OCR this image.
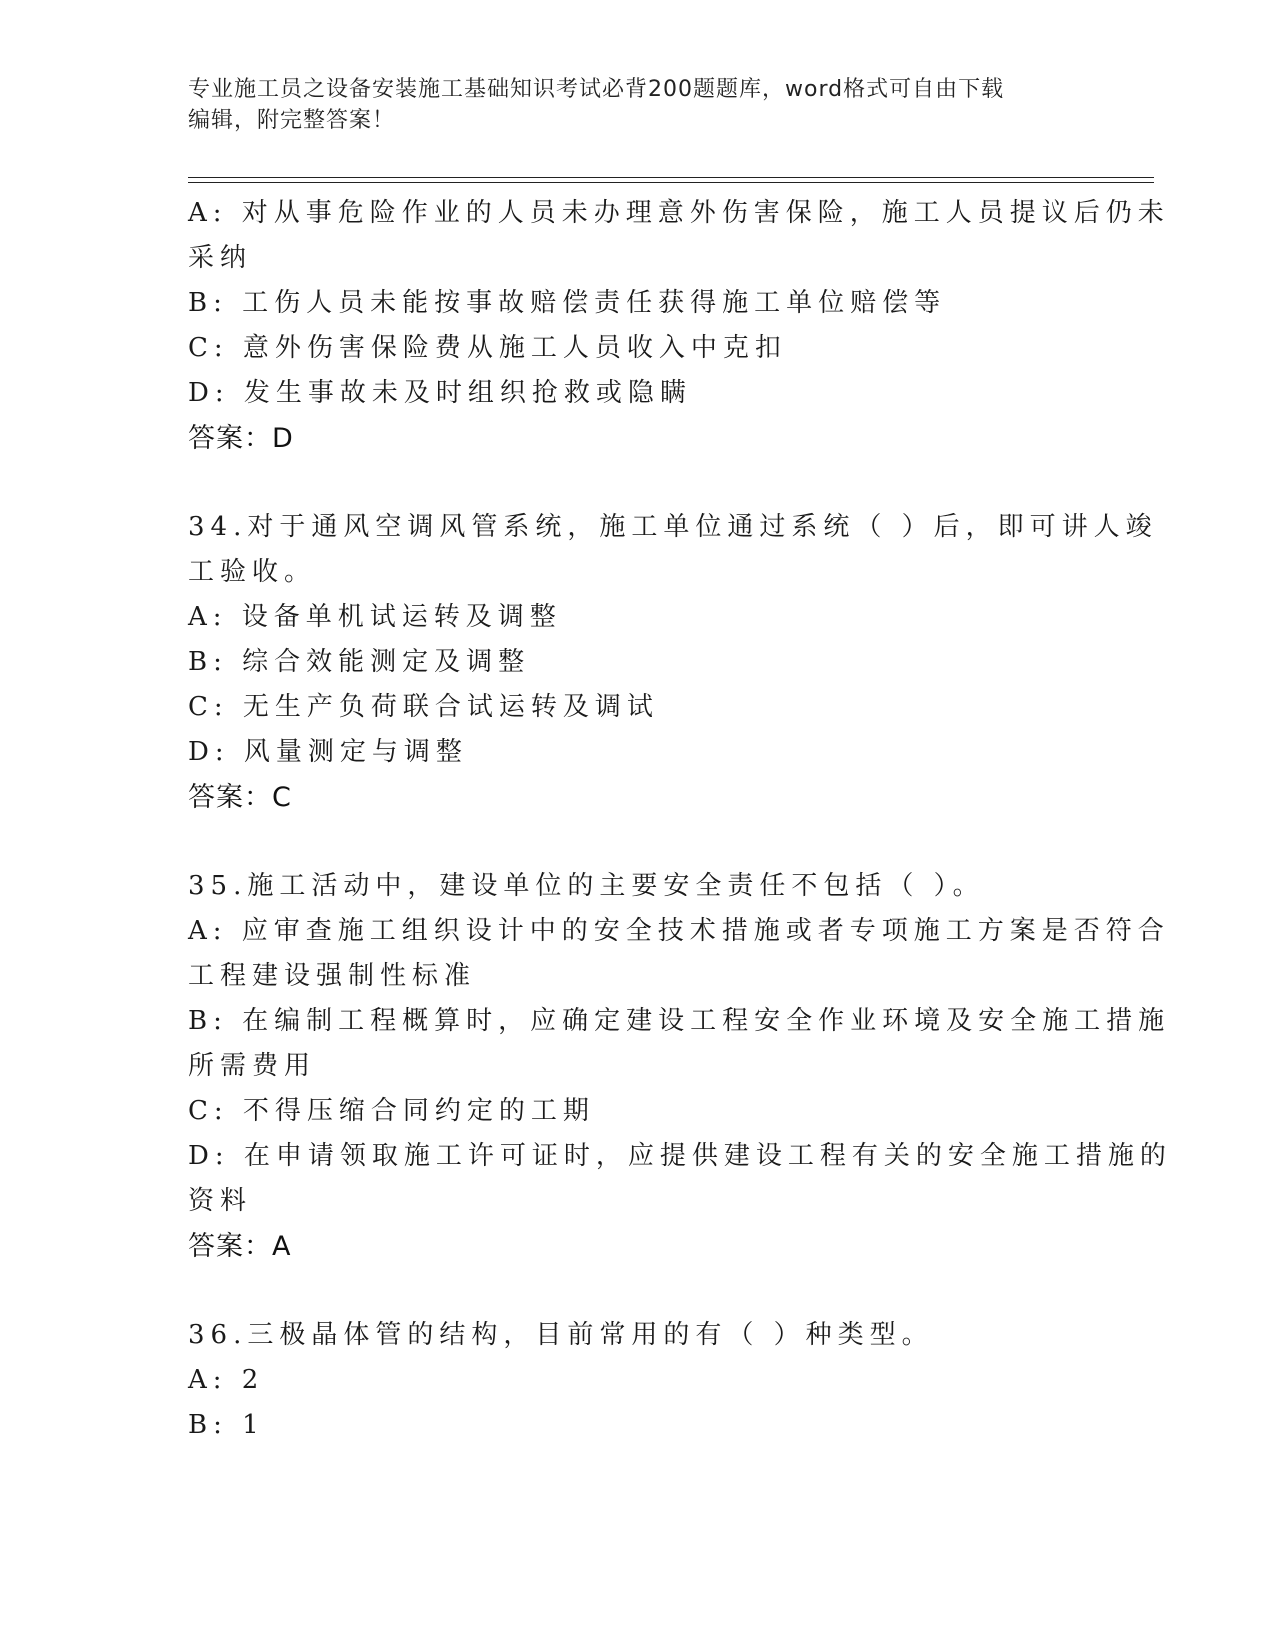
专业施工员之设备安装施工基础知识考试必背200题题库，word格式可自由下载
编辑，附完整答案！
A: 对从事危险作业的人员未办理意外伤害保险，施工人员提议后仍未
采纳
B: 工伤人员未能按事故赔偿责任获得施工单位赔偿等
C: 意外伤害保险费从施工人员收入中克扣
D: 发生事故未及时组织抢救或隐瞒
答案：D
34.对于通风空调风管系统，施工单位通过系统（ ）后，即可讲人竣
工验收。
A: 设备单机试运转及调整
B: 综合效能测定及调整
C: 无生产负荷联合试运转及调试
D: 风量测定与调整
答案：C
35.施工活动中，建设单位的主要安全责任不包括（ ）。
A: 应审查施工组织设计中的安全技术措施或者专项施工方案是否符合
工程建设强制性标准
B: 在编制工程概算时，应确定建设工程安全作业环境及安全施工措施
所需费用
C: 不得压缩合同约定的工期
D: 在申请领取施工许可证时，应提供建设工程有关的安全施工措施的
资料
答案：A
36.三极晶体管的结构，目前常用的有（ ）种类型。
A: 2
B: 1
